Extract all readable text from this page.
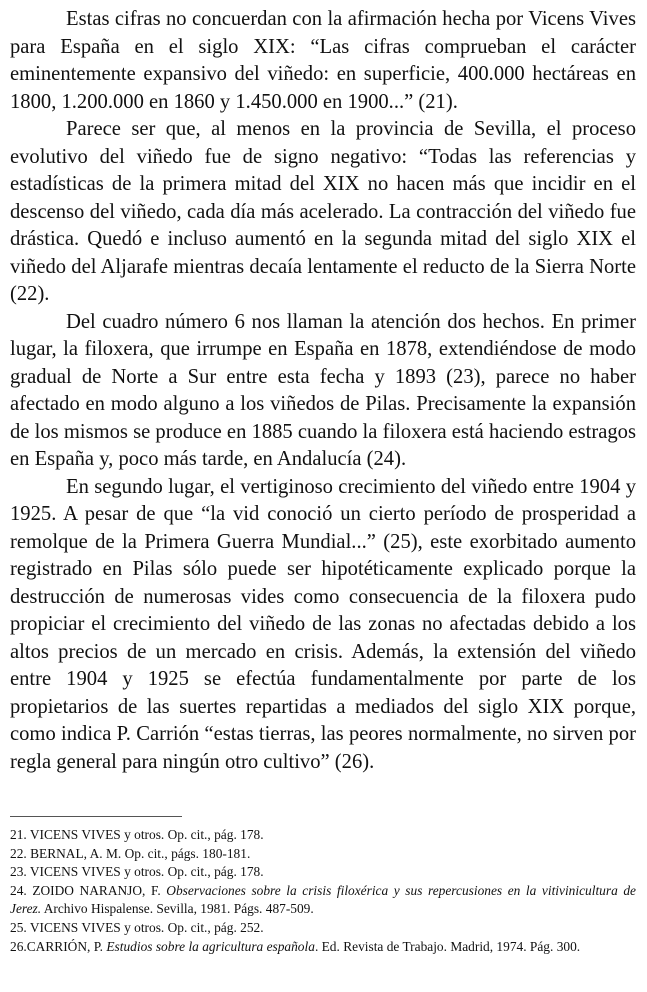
Estas cifras no concuerdan con la afirmación hecha por Vicens Vives para España en el siglo XIX: “Las cifras comprueban el carácter eminentemente expansivo del viñedo: en superficie, 400.000 hectáreas en 1800, 1.200.000 en 1860 y 1.450.000 en 1900...” (21).

Parece ser que, al menos en la provincia de Sevilla, el proceso evolutivo del viñedo fue de signo negativo: “Todas las referencias y estadísticas de la primera mitad del XIX no hacen más que incidir en el descenso del viñedo, cada día más acelerado. La contracción del viñedo fue drástica. Quedó e incluso aumentó en la segunda mitad del siglo XIX el viñedo del Aljarafe mientras decaía lentamente el reducto de la Sierra Norte (22).

Del cuadro número 6 nos llaman la atención dos hechos. En primer lugar, la filoxera, que irrumpe en España en 1878, extendiéndose de modo gradual de Norte a Sur entre esta fecha y 1893 (23), parece no haber afectado en modo alguno a los viñedos de Pilas. Precisamente la expansión de los mismos se produce en 1885 cuando la filoxera está haciendo estragos en España y, poco más tarde, en Andalucía (24).

En segundo lugar, el vertiginoso crecimiento del viñedo entre 1904 y 1925. A pesar de que “la vid conoció un cierto período de prosperidad a remolque de la Primera Guerra Mundial...” (25), este exorbitado aumento registrado en Pilas sólo puede ser hipotéticamente explicado porque la destrucción de numerosas vides como consecuencia de la filoxera pudo propiciar el crecimiento del viñedo de las zonas no afectadas debido a los altos precios de un mercado en crisis. Además, la extensión del viñedo entre 1904 y 1925 se efectúa fundamentalmente por parte de los propietarios de las suertes repartidas a mediados del siglo XIX porque, como indica P. Carrión “estas tierras, las peores normalmente, no sirven por regla general para ningún otro cultivo” (26).

21. VICENS VIVES y otros. Op. cit., pág. 178.

22. BERNAL, A. M. Op. cit., págs. 180-181.

23. VICENS VIVES y otros. Op. cit., pág. 178.

24. ZOIDO NARANJO, F. Observaciones sobre la crisis filoxérica y sus repercusiones en la vitivinicultura de Jerez. Archivo Hispalense. Sevilla, 1981. Págs. 487-509.

25. VICENS VIVES y otros. Op. cit., pág. 252.

26.CARRIÓN, P. Estudios sobre la agricultura española. Ed. Revista de Trabajo. Madrid, 1974. Pág. 300.
